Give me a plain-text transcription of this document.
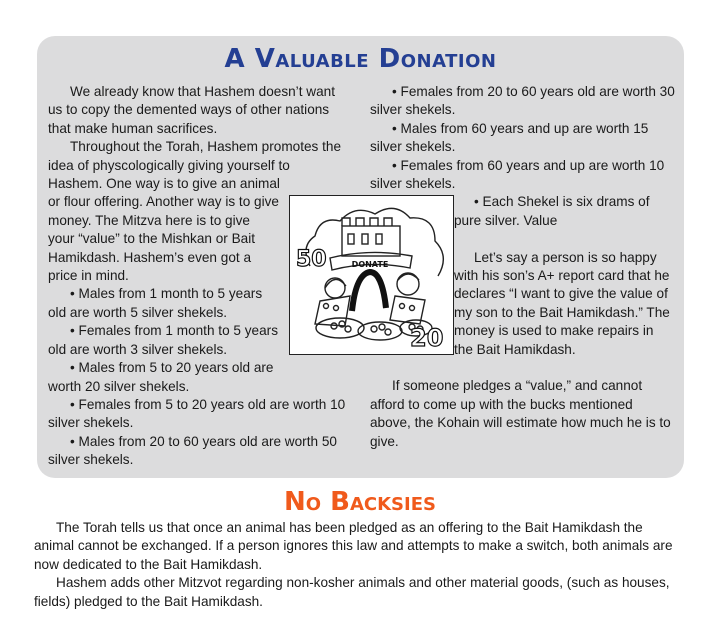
A Valuable Donation

We already know that Hashem doesn’t want us to copy the demented ways of other nations that make human sacrifices.

Throughout the Torah, Hashem promotes the idea of physcologically giving yourself to

Hashem. One way is to give an animal or flour offering. Another way is to give money. The Mitzva here is to give your “value” to the Mishkan or Bait Hamikdash. Hashem’s even got a price in mind.

• Males from 1 month to 5 years old are worth 5 silver shekels.

• Females from 1 month to 5 years old are worth 3 silver shekels.

• Males from 5 to 20 years old are worth 20 silver shekels.

• Females from 5 to 20 years old are worth 10 silver shekels.

• Males from 20 to 60 years old are worth 50 silver shekels.

• Females from 20 to 60 years old are worth 30 silver shekels.

• Males from 60 years and up are worth 15 silver shekels.

• Females from 60 years and up are worth 10 silver shekels.

• Each Shekel is six drams of pure silver. Value

Let’s say a person is so happy with his son’s A+ report card that he declares “I want to give the value of my son to the Bait Hamikdash.” The money is used to make repairs in the Bait Hamikdash.

If someone pledges a “value,” and cannot afford to come up with the bucks mentioned above, the Kohain will estimate how much he is to give.

DONATE
50
20
No Backsies

The Torah tells us that once an animal has been pledged as an offering to the Bait Hamikdash the animal cannot be exchanged. If a person ignores this law and attempts to make a switch, both animals are now dedicated to the Bait Hamikdash.

Hashem adds other Mitzvot regarding non-kosher animals and other material goods, (such as houses, fields) pledged to the Bait Hamikdash.
